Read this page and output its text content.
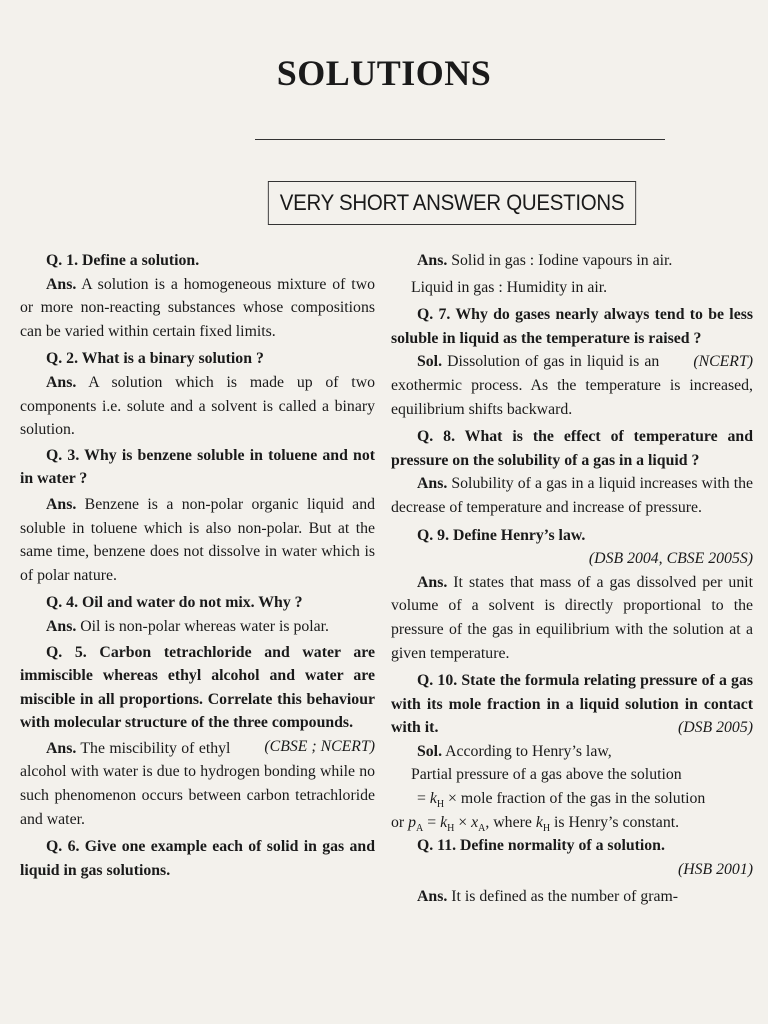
SOLUTIONS
VERY SHORT ANSWER QUESTIONS

Q. 1. Define a solution.

Ans. A solution is a homogeneous mixture of two or more non-reacting substances whose compositions can be varied within certain fixed limits.

Q. 2. What is a binary solution ?

Ans. A solution which is made up of two components i.e. solute and a solvent is called a binary solution.

Q. 3. Why is benzene soluble in toluene and not in water ?

Ans. Benzene is a non-polar organic liquid and soluble in toluene which is also non-polar. But at the same time, benzene does not dissolve in water which is of polar nature.

Q. 4. Oil and water do not mix. Why ?

Ans. Oil is non-polar whereas water is polar.

Q. 5. Carbon tetrachloride and water are immiscible whereas ethyl alcohol and water are miscible in all proportions. Correlate this behaviour with molecular structure of the three compounds.
(CBSE ; NCERT)

Ans. The miscibility of ethyl alcohol with water is due to hydrogen bonding while no such phenomenon occurs between carbon tetrachloride and water.

Q. 6. Give one example each of solid in gas and liquid in gas solutions.

Ans. Solid in gas : Iodine vapours in air.

Liquid in gas : Humidity in air.

Q. 7. Why do gases nearly always tend to be less soluble in liquid as the temperature is raised ?
(NCERT)

Sol. Dissolution of gas in liquid is an exothermic process. As the temperature is increased, equilibrium shifts backward.

Q. 8. What is the effect of temperature and pressure on the solubility of a gas in a liquid ?

Ans. Solubility of a gas in a liquid increases with the decrease of temperature and increase of pressure.

Q. 9. Define Henry’s law.

(DSB 2004, CBSE 2005S)

Ans. It states that mass of a gas dissolved per unit volume of a solvent is directly proportional to the pressure of the gas in equilibrium with the solution at a given temperature.

Q. 10. State the formula relating pressure of a gas with its mole fraction in a liquid solution in contact with it.	(DSB 2005)

Sol. According to Henry’s law,

Partial pressure of a gas above the solution

= $k_H$ × mole fraction of the gas in the solution

or $p_A = k_H \times x_A$, where $k_H$ is Henry’s constant.

Q. 11. Define normality of a solution.

(HSB 2001)

Ans. It is defined as the number of gram-
